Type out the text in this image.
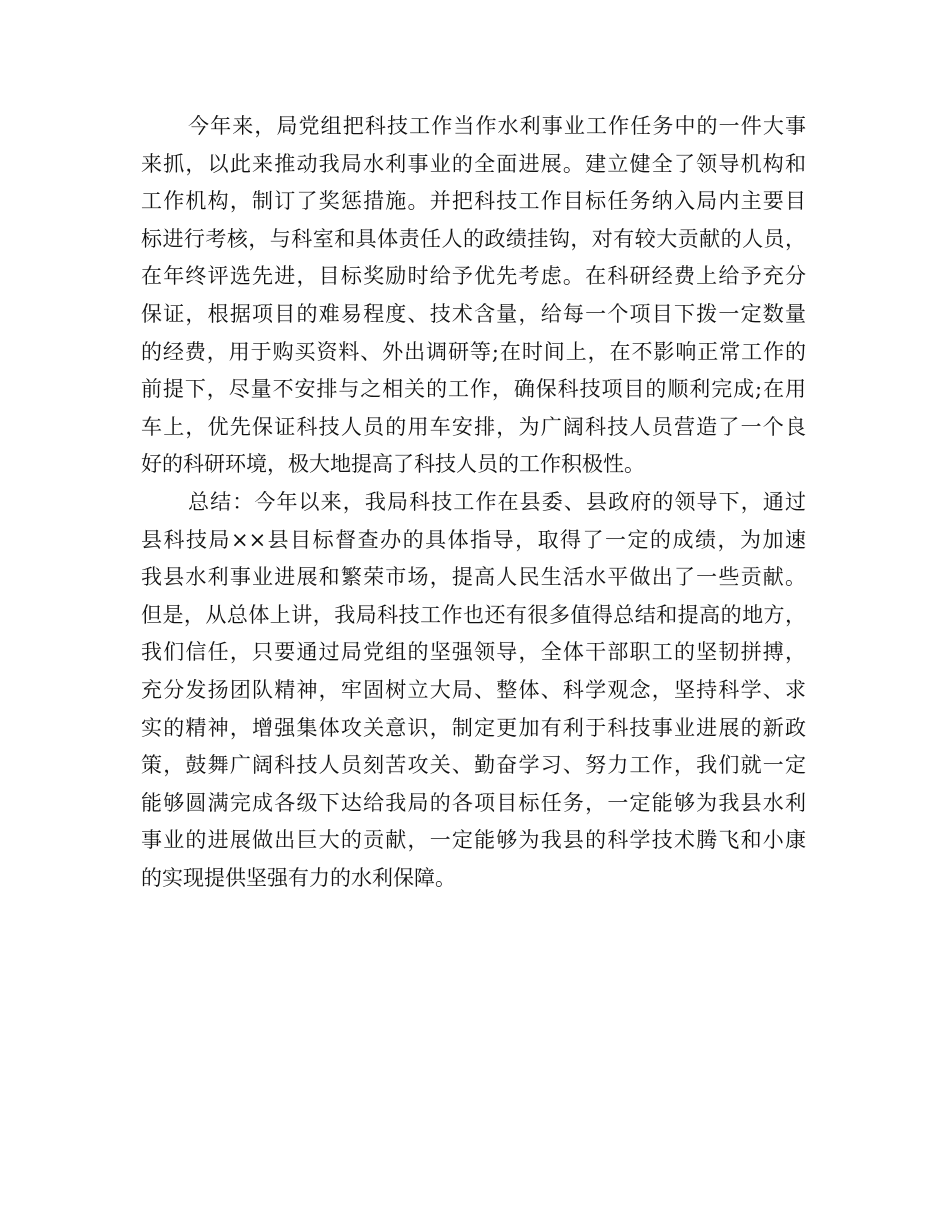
今年来，局党组把科技工作当作水利事业工作任务中的一件大事
来抓，以此来推动我局水利事业的全面进展。建立健全了领导机构和
工作机构，制订了奖惩措施。并把科技工作目标任务纳入局内主要目
标进行考核，与科室和具体责任人的政绩挂钩，对有较大贡献的人员，
在年终评选先进，目标奖励时给予优先考虑。在科研经费上给予充分
保证，根据项目的难易程度、技术含量，给每一个项目下拨一定数量
的经费，用于购买资料、外出调研等;在时间上，在不影响正常工作的
前提下，尽量不安排与之相关的工作，确保科技项目的顺利完成;在用
车上，优先保证科技人员的用车安排，为广阔科技人员营造了一个良
好的科研环境，极大地提高了科技人员的工作积极性。
总结：今年以来，我局科技工作在县委、县政府的领导下，通过
县科技局××县目标督查办的具体指导，取得了一定的成绩，为加速
我县水利事业进展和繁荣市场，提高人民生活水平做出了一些贡献。
但是，从总体上讲，我局科技工作也还有很多值得总结和提高的地方，
我们信任，只要通过局党组的坚强领导，全体干部职工的坚韧拼搏，
充分发扬团队精神，牢固树立大局、整体、科学观念，坚持科学、求
实的精神，增强集体攻关意识，制定更加有利于科技事业进展的新政
策，鼓舞广阔科技人员刻苦攻关、勤奋学习、努力工作，我们就一定
能够圆满完成各级下达给我局的各项目标任务，一定能够为我县水利
事业的进展做出巨大的贡献，一定能够为我县的科学技术腾飞和小康
的实现提供坚强有力的水利保障。
